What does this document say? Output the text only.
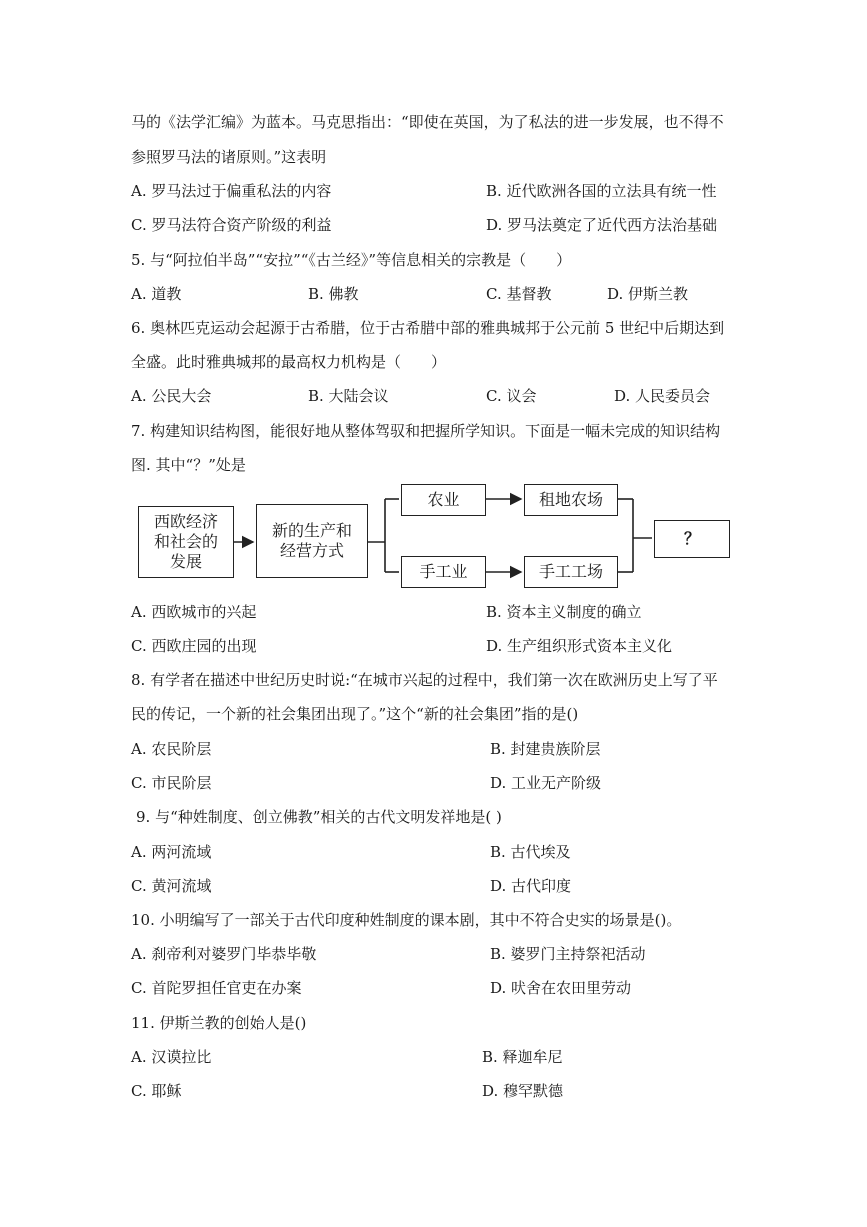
马的《法学汇编》为蓝本。马克思指出：“即使在英国，为了私法的进一步发展，也不得不
参照罗马法的诸原则。”这表明
A. 罗马法过于偏重私法的内容	B. 近代欧洲各国的立法具有统一性
C. 罗马法符合资产阶级的利益	D. 罗马法奠定了近代西方法治基础
5. 与“阿拉伯半岛”“安拉”“《古兰经》”等信息相关的宗教是（　　）
A. 道教	B. 佛教	C. 基督教	D. 伊斯兰教
6. 奥林匹克运动会起源于古希腊，位于古希腊中部的雅典城邦于公元前 5 世纪中后期达到
全盛。此时雅典城邦的最高权力机构是（　　）
A. 公民大会	B. 大陆会议	C. 议会	D. 人民委员会
7. 构建知识结构图，能很好地从整体驾驭和把握所学知识。下面是一幅未完成的知识结构
图. 其中“？”处是
西欧经济
和社会的
发展
新的生产和
经营方式
农业	租地农场
手工业	手工工场
？
A. 西欧城市的兴起	B. 资本主义制度的确立
C. 西欧庄园的出现	D. 生产组织形式资本主义化
8. 有学者在描述中世纪历史时说:“在城市兴起的过程中，我们第一次在欧洲历史上写了平
民的传记，一个新的社会集团出现了。”这个“新的社会集团”指的是()
A. 农民阶层	B. 封建贵族阶层
C. 市民阶层	D. 工业无产阶级
9. 与“种姓制度、创立佛教”相关的古代文明发祥地是( )
A. 两河流域	B. 古代埃及
C. 黄河流域	D. 古代印度
10. 小明编写了一部关于古代印度种姓制度的课本剧，其中不符合史实的场景是()。
A. 刹帝利对婆罗门毕恭毕敬	B. 婆罗门主持祭祀活动
C. 首陀罗担任官吏在办案	D. 吠舍在农田里劳动
11. 伊斯兰教的创始人是()
A. 汉谟拉比	B. 释迦牟尼
C. 耶稣	D. 穆罕默德
